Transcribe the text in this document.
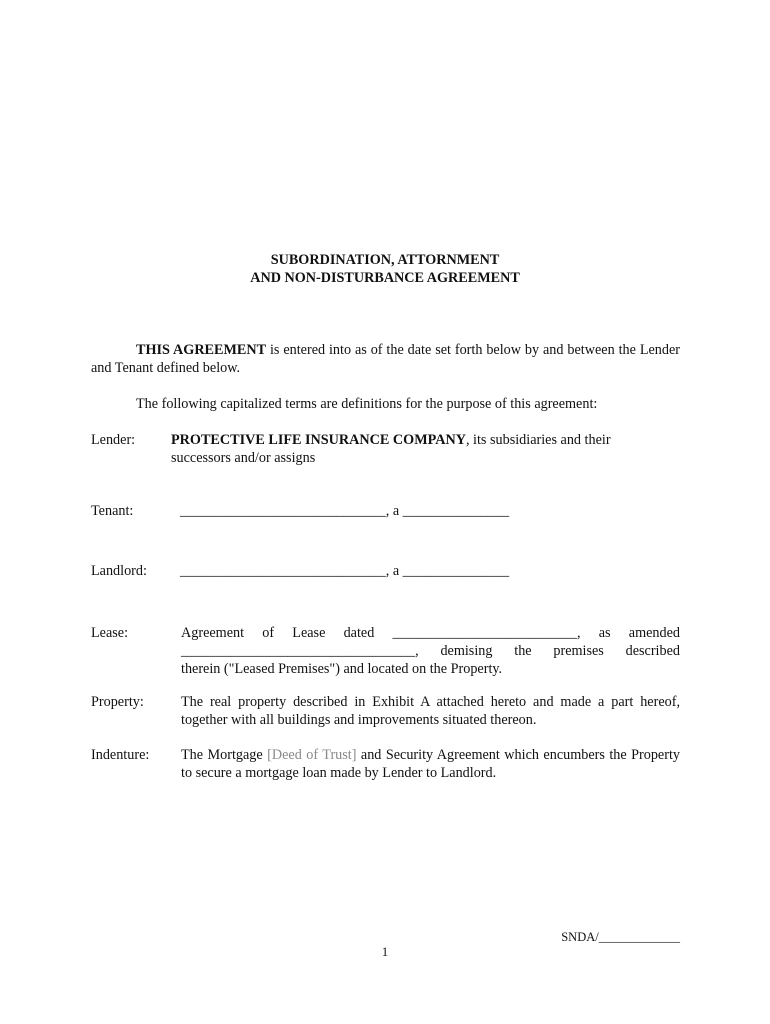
SUBORDINATION, ATTORNMENT
AND NON-DISTURBANCE AGREEMENT
THIS AGREEMENT is entered into as of the date set forth below by and between the Lender and Tenant defined below.
The following capitalized terms are definitions for the purpose of this agreement:
Lender:	PROTECTIVE LIFE INSURANCE COMPANY, its subsidiaries and their successors and/or assigns
Tenant:	_____________________________, a _______________
Landlord: _____________________________, a _______________
Lease:	Agreement of Lease dated __________________________, as amended
_________________________________, demising the premises described
therein ("Leased Premises") and located on the Property.
Property:	The real property described in Exhibit A attached hereto and made a part hereof, together with all buildings and improvements situated thereon.
Indenture: The Mortgage [Deed of Trust] and Security Agreement which encumbers the Property to secure a mortgage loan made by Lender to Landlord.
SNDA/_____________
1
